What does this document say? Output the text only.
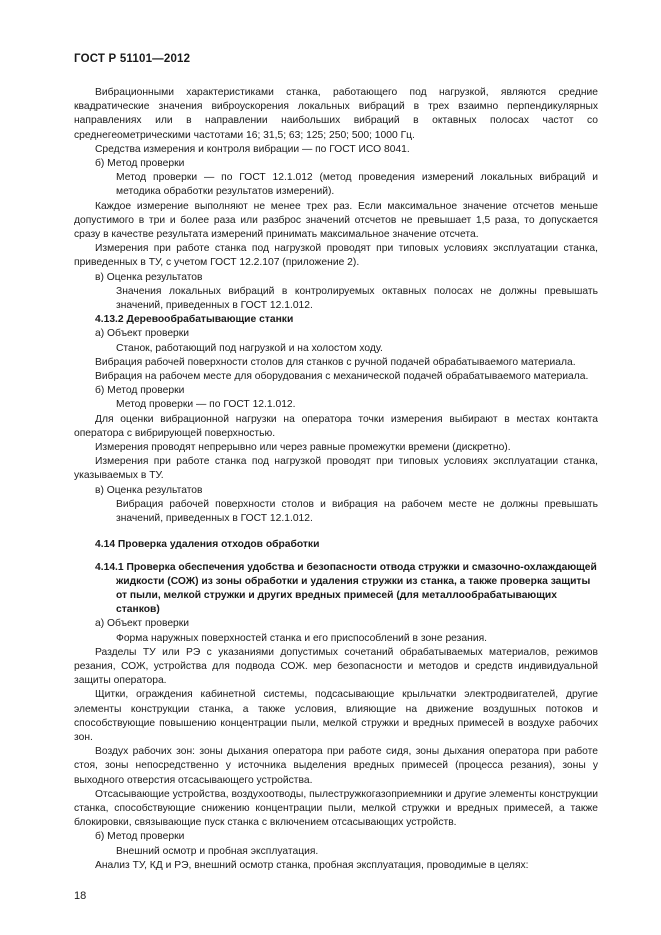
ГОСТ Р 51101—2012

Вибрационными характеристиками станка, работающего под нагрузкой, являются средние квадратические значения виброускорения локальных вибраций в трех взаимно перпендикулярных направлениях или в направлении наибольших вибраций в октавных полосах частот со среднегеометрическими частотами 16; 31,5; 63; 125; 250; 500; 1000 Гц.

Средства измерения и контроля вибрации — по ГОСТ ИСО 8041.

б) Метод проверки

Метод проверки — по ГОСТ 12.1.012 (метод проведения измерений локальных вибраций и методика обработки результатов измерений).

Каждое измерение выполняют не менее трех раз. Если максимальное значение отсчетов меньше допустимого в три и более раза или разброс значений отсчетов не превышает 1,5 раза, то допускается сразу в качестве результата измерений принимать максимальное значение отсчета.

Измерения при работе станка под нагрузкой проводят при типовых условиях эксплуатации станка, приведенных в ТУ, с учетом ГОСТ 12.2.107 (приложение 2).

в) Оценка результатов

Значения локальных вибраций в контролируемых октавных полосах не должны превышать значений, приведенных в ГОСТ 12.1.012.

4.13.2 Деревообрабатывающие станки

а) Объект проверки

Станок, работающий под нагрузкой и на холостом ходу.

Вибрация рабочей поверхности столов для станков с ручной подачей обрабатываемого материала.

Вибрация на рабочем месте для оборудования с механической подачей обрабатываемого материала.

б) Метод проверки

Метод проверки — по ГОСТ 12.1.012.

Для оценки вибрационной нагрузки на оператора точки измерения выбирают в местах контакта оператора с вибрирующей поверхностью.

Измерения проводят непрерывно или через равные промежутки времени (дискретно).

Измерения при работе станка под нагрузкой проводят при типовых условиях эксплуатации станка, указываемых в ТУ.

в) Оценка результатов

Вибрация рабочей поверхности столов и вибрация на рабочем месте не должны превышать значений, приведенных в ГОСТ 12.1.012.

4.14 Проверка удаления отходов обработки

4.14.1 Проверка обеспечения удобства и безопасности отвода стружки и смазочно-охлаждающей жидкости (СОЖ) из зоны обработки и удаления стружки из станка, а также проверка защиты от пыли, мелкой стружки и других вредных примесей (для металлообрабатывающих станков)

а) Объект проверки

Форма наружных поверхностей станка и его приспособлений в зоне резания.

Разделы ТУ или РЭ с указаниями допустимых сочетаний обрабатываемых материалов, режимов резания, СОЖ, устройства для подвода СОЖ. мер безопасности и методов и средств индивидуальной защиты оператора.

Щитки, ограждения кабинетной системы, подсасывающие крыльчатки электродвигателей, другие элементы конструкции станка, а также условия, влияющие на движение воздушных потоков и способствующие повышению концентрации пыли, мелкой стружки и вредных примесей в воздухе рабочих зон.

Воздух рабочих зон: зоны дыхания оператора при работе сидя, зоны дыхания оператора при работе стоя, зоны непосредственно у источника выделения вредных примесей (процесса резания), зоны у выходного отверстия отсасывающего устройства.

Отсасывающие устройства, воздухоотводы, пылестружкогазоприемники и другие элементы конструкции станка, способствующие снижению концентрации пыли, мелкой стружки и вредных примесей, а также блокировки, связывающие пуск станка с включением отсасывающих устройств.

б) Метод проверки

Внешний осмотр и пробная эксплуатация.

Анализ ТУ, КД и РЭ, внешний осмотр станка, пробная эксплуатация, проводимые в целях:

18
